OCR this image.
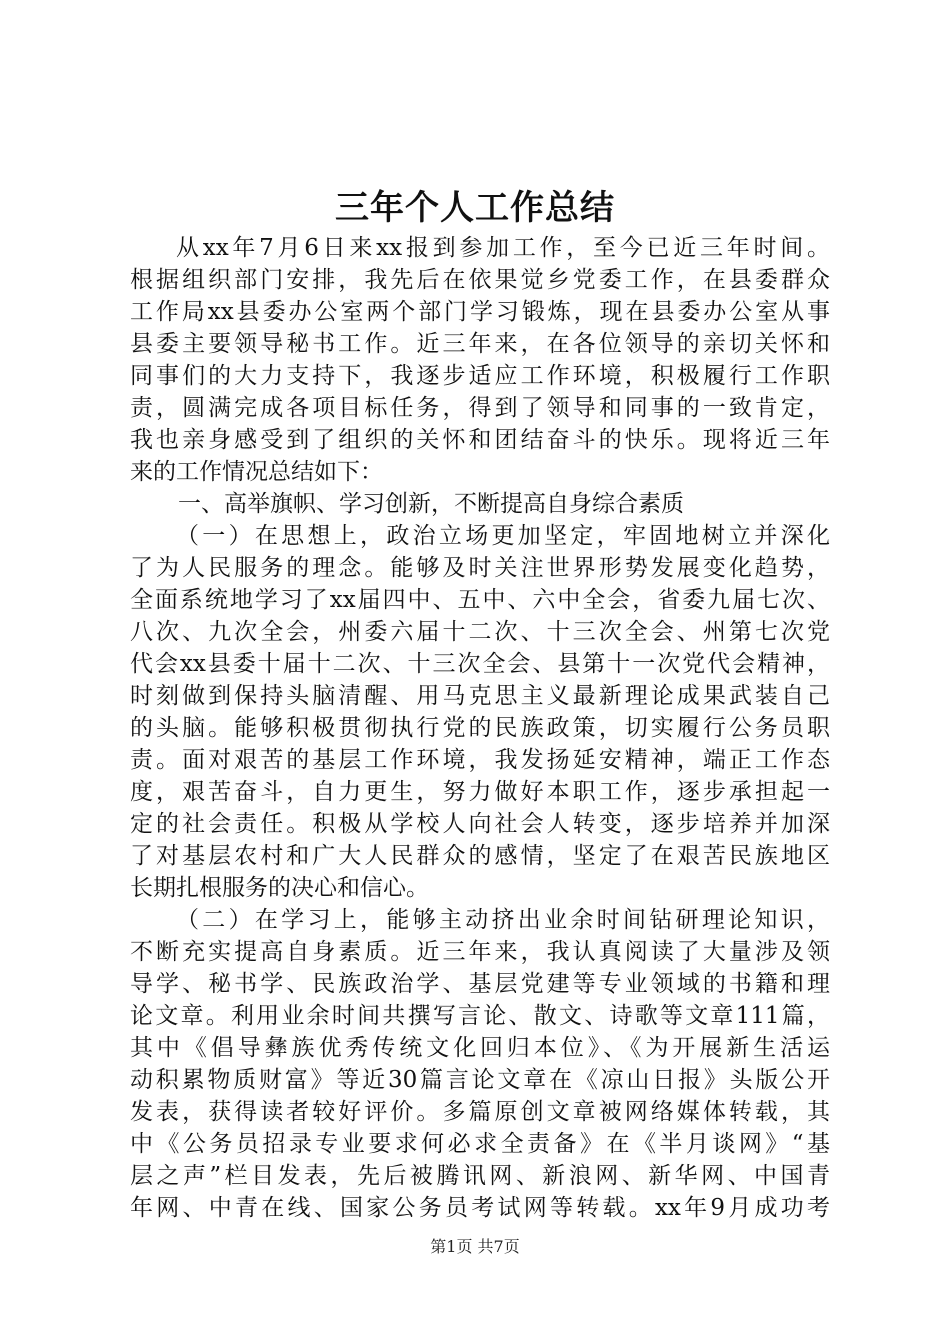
三年个人工作总结
从xx年7月6日来xx报到参加工作，至今已近三年时间。
根据组织部门安排，我先后在依果觉乡党委工作，在县委群众
工作局xx县委办公室两个部门学习锻炼，现在县委办公室从事
县委主要领导秘书工作。近三年来，在各位领导的亲切关怀和
同事们的大力支持下，我逐步适应工作环境，积极履行工作职
责，圆满完成各项目标任务，得到了领导和同事的一致肯定，
我也亲身感受到了组织的关怀和团结奋斗的快乐。现将近三年
来的工作情况总结如下：
一、高举旗帜、学习创新，不断提高自身综合素质
（一）在思想上，政治立场更加坚定，牢固地树立并深化
了为人民服务的理念。能够及时关注世界形势发展变化趋势，
全面系统地学习了xx届四中、五中、六中全会，省委九届七次、
八次、九次全会，州委六届十二次、十三次全会、州第七次党
代会xx县委十届十二次、十三次全会、县第十一次党代会精神，
时刻做到保持头脑清醒、用马克思主义最新理论成果武装自己
的头脑。能够积极贯彻执行党的民族政策，切实履行公务员职
责。面对艰苦的基层工作环境，我发扬延安精神，端正工作态
度，艰苦奋斗，自力更生，努力做好本职工作，逐步承担起一
定的社会责任。积极从学校人向社会人转变，逐步培养并加深
了对基层农村和广大人民群众的感情，坚定了在艰苦民族地区
长期扎根服务的决心和信心。
（二）在学习上，能够主动挤出业余时间钻研理论知识，
不断充实提高自身素质。近三年来，我认真阅读了大量涉及领
导学、秘书学、民族政治学、基层党建等专业领域的书籍和理
论文章。利用业余时间共撰写言论、散文、诗歌等文章111篇，
其中《倡导彝族优秀传统文化回归本位》、《为开展新生活运
动积累物质财富》等近30篇言论文章在《凉山日报》头版公开
发表，获得读者较好评价。多篇原创文章被网络媒体转载，其
中《公务员招录专业要求何必求全责备》在《半月谈网》“基
层之声”栏目发表，先后被腾讯网、新浪网、新华网、中国青
年网、中青在线、国家公务员考试网等转载。xx年9月成功考
第1页 共7页
